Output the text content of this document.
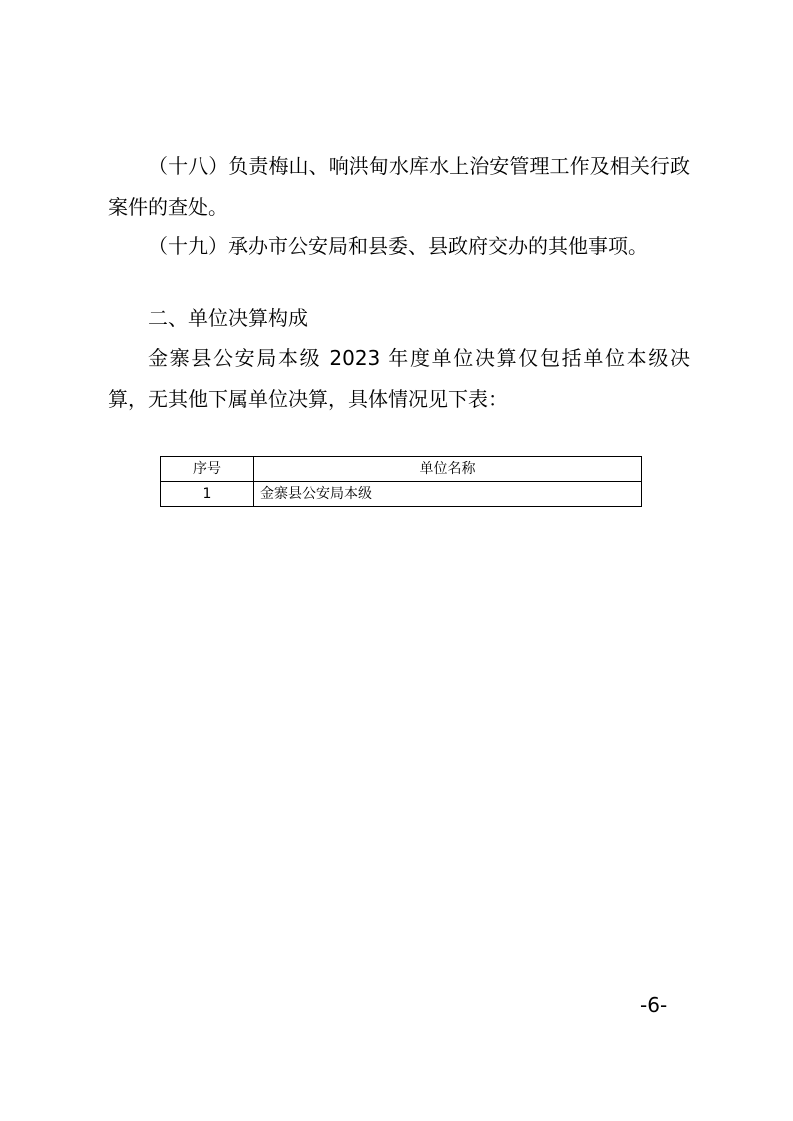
（十八）负责梅山、响洪甸水库水上治安管理工作及相关行政案件的查处。

（十九）承办市公安局和县委、县政府交办的其他事项。

二、单位决算构成

金寨县公安局本级 2023 年度单位决算仅包括单位本级决算，无其他下属单位决算，具体情况见下表：

序号	单位名称
1	金寨县公安局本级
-6-
